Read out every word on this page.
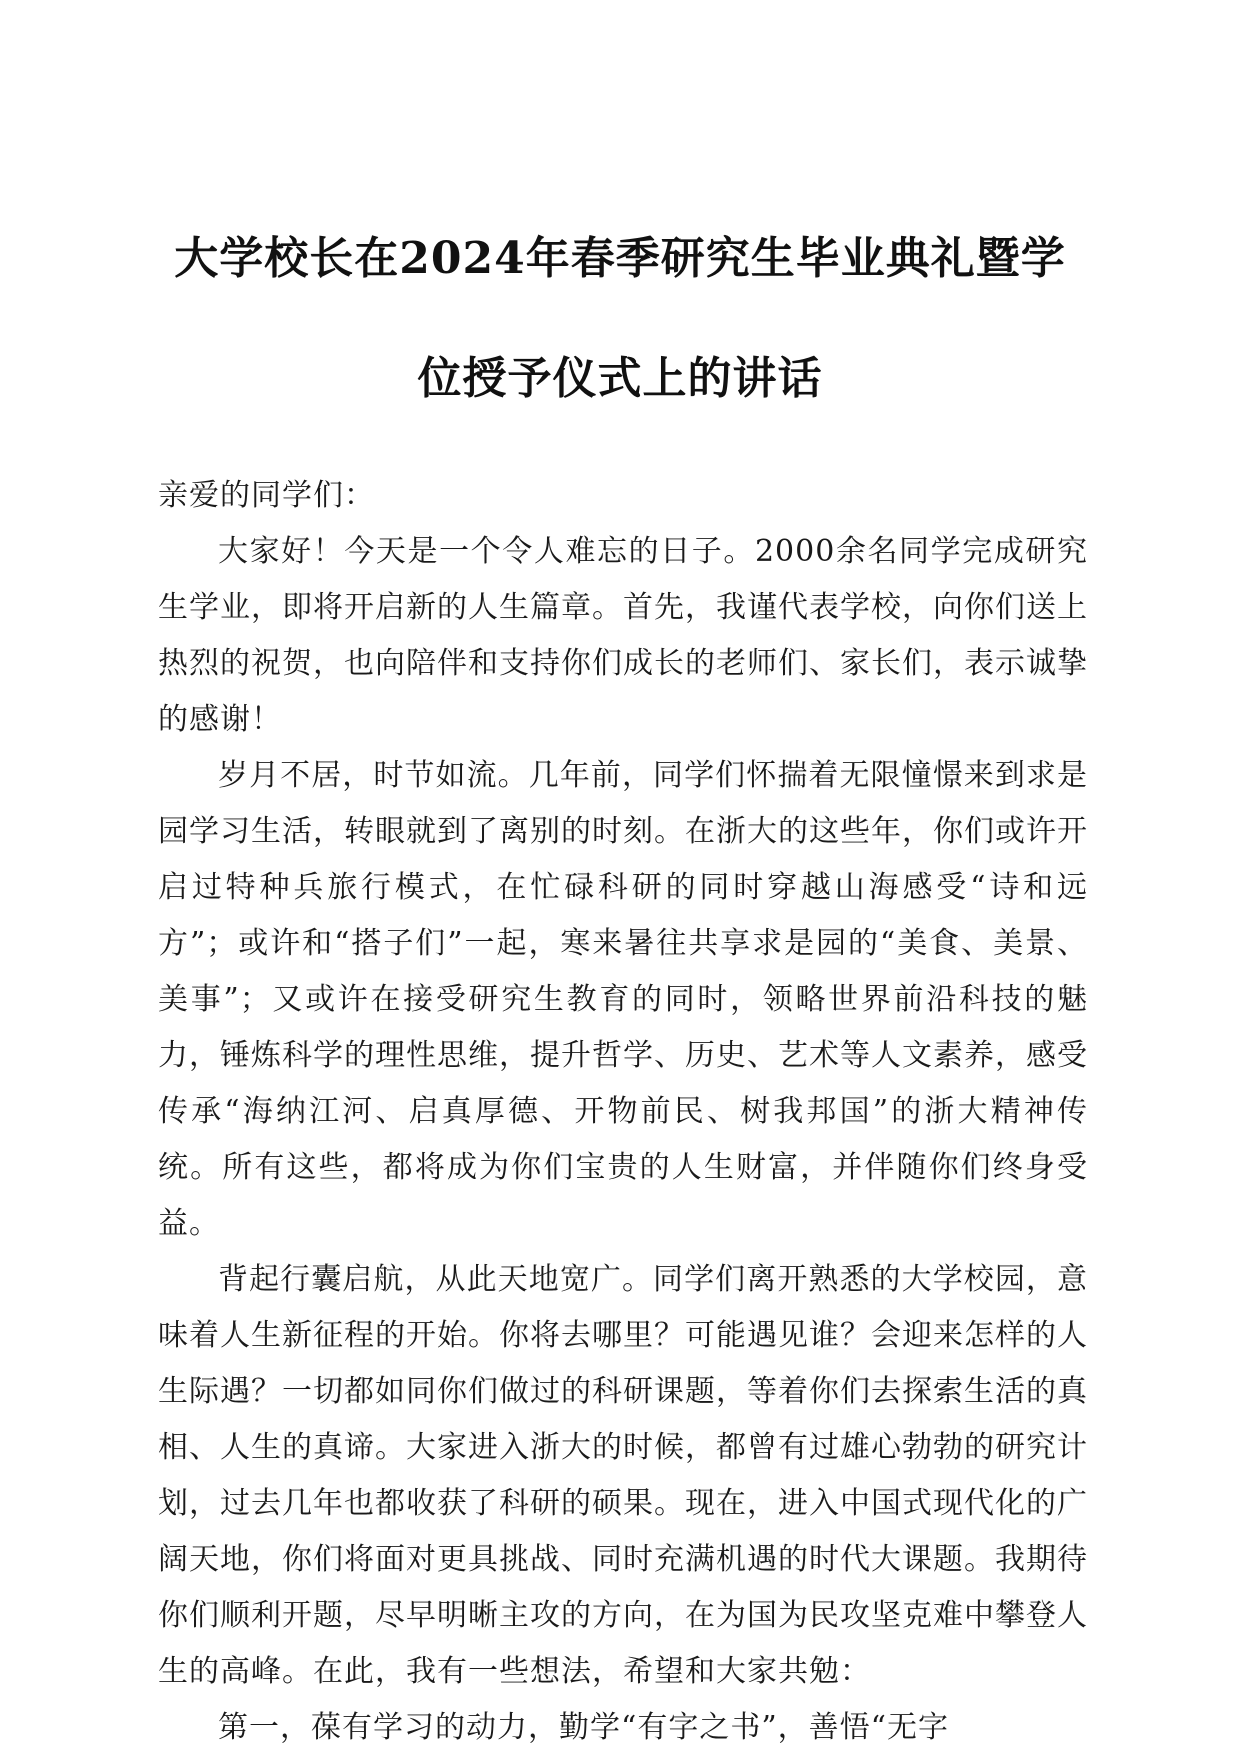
大学校长在2024年春季研究生毕业典礼暨学
位授予仪式上的讲话

亲爱的同学们：

大家好！今天是一个令人难忘的日子。2000余名同学完成研究生学业，即将开启新的人生篇章。首先，我谨代表学校，向你们送上热烈的祝贺，也向陪伴和支持你们成长的老师们、家长们，表示诚挚的感谢！

岁月不居，时节如流。几年前，同学们怀揣着无限憧憬来到求是园学习生活，转眼就到了离别的时刻。在浙大的这些年，你们或许开启过特种兵旅行模式，在忙碌科研的同时穿越山海感受“诗和远方”；或许和“搭子们”一起，寒来暑往共享求是园的“美食、美景、美事”；又或许在接受研究生教育的同时，领略世界前沿科技的魅力，锤炼科学的理性思维，提升哲学、历史、艺术等人文素养，感受传承“海纳江河、启真厚德、开物前民、树我邦国”的浙大精神传统。所有这些，都将成为你们宝贵的人生财富，并伴随你们终身受益。

背起行囊启航，从此天地宽广。同学们离开熟悉的大学校园，意味着人生新征程的开始。你将去哪里？可能遇见谁？会迎来怎样的人生际遇？一切都如同你们做过的科研课题，等着你们去探索生活的真相、人生的真谛。大家进入浙大的时候，都曾有过雄心勃勃的研究计划，过去几年也都收获了科研的硕果。现在，进入中国式现代化的广阔天地，你们将面对更具挑战、同时充满机遇的时代大课题。我期待你们顺利开题，尽早明晰主攻的方向，在为国为民攻坚克难中攀登人生的高峰。在此，我有一些想法，希望和大家共勉：

第一，葆有学习的动力，勤学“有字之书”，善悟“无字
